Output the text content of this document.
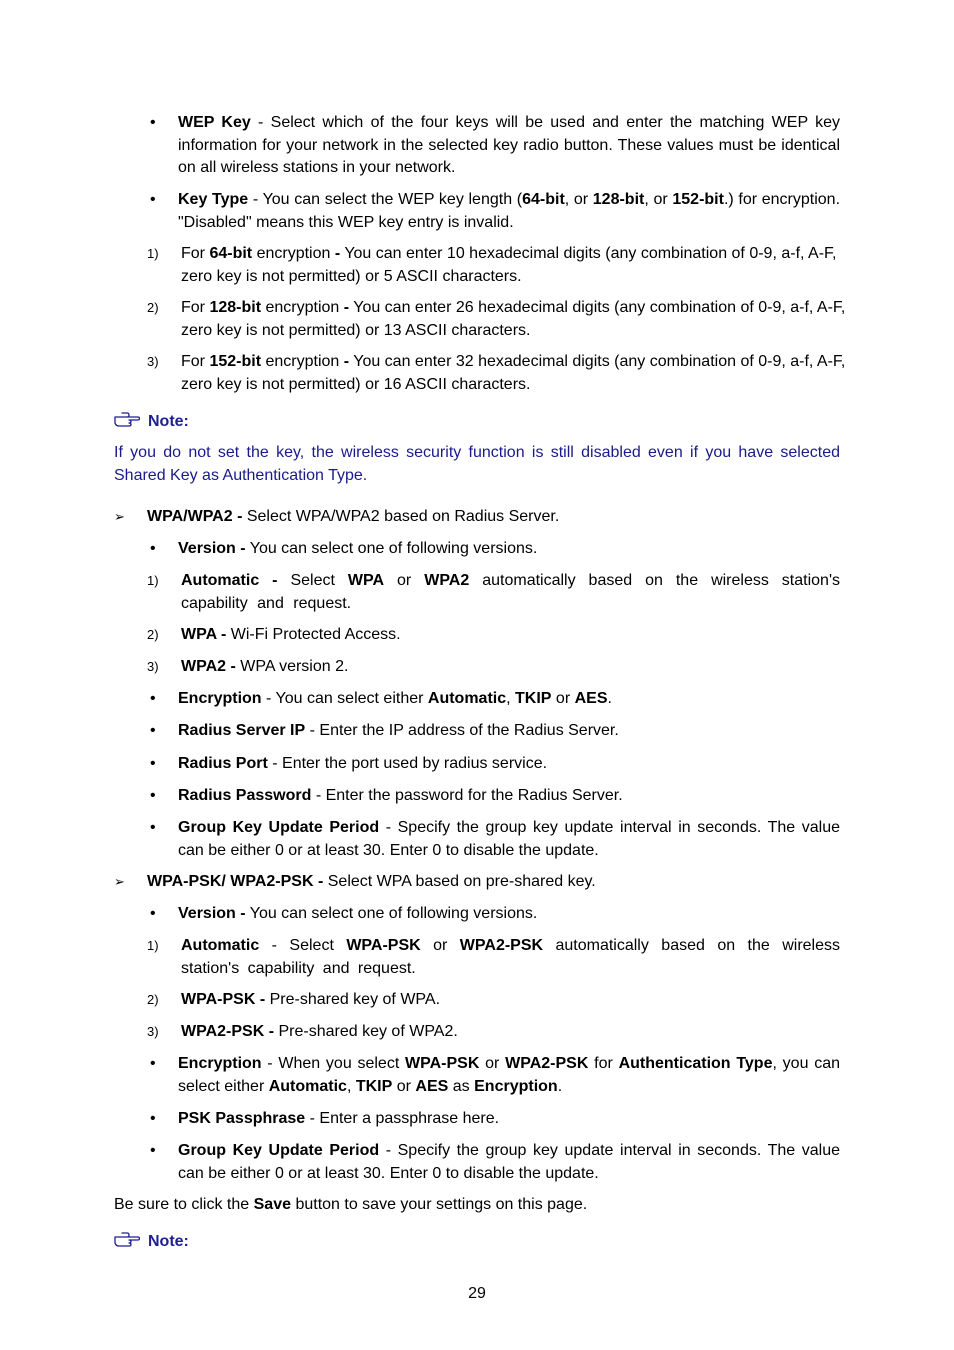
• WEP Key - Select which of the four keys will be used and enter the matching WEP key information for your network in the selected key radio button. These values must be identical on all wireless stations in your network.
• Key Type - You can select the WEP key length (64-bit, or 128-bit, or 152-bit.) for encryption. "Disabled" means this WEP key entry is invalid.
1) For 64-bit encryption - You can enter 10 hexadecimal digits (any combination of 0-9, a-f, A-F, zero key is not permitted) or 5 ASCII characters.
2) For 128-bit encryption - You can enter 26 hexadecimal digits (any combination of 0-9, a-f, A-F, zero key is not permitted) or 13 ASCII characters.
3) For 152-bit encryption - You can enter 32 hexadecimal digits (any combination of 0-9, a-f, A-F, zero key is not permitted) or 16 ASCII characters.
Note:
If you do not set the key, the wireless security function is still disabled even if you have selected Shared Key as Authentication Type.
➢ WPA/WPA2 - Select WPA/WPA2 based on Radius Server.
• Version - You can select one of following versions.
1) Automatic - Select WPA or WPA2 automatically based on the wireless station's capability and request.
2) WPA - Wi-Fi Protected Access.
3) WPA2 - WPA version 2.
• Encryption - You can select either Automatic, TKIP or AES.
• Radius Server IP - Enter the IP address of the Radius Server.
• Radius Port - Enter the port used by radius service.
• Radius Password - Enter the password for the Radius Server.
• Group Key Update Period - Specify the group key update interval in seconds. The value can be either 0 or at least 30. Enter 0 to disable the update.
➢ WPA-PSK/ WPA2-PSK - Select WPA based on pre-shared key.
• Version - You can select one of following versions.
1) Automatic - Select WPA-PSK or WPA2-PSK automatically based on the wireless station's capability and request.
2) WPA-PSK - Pre-shared key of WPA.
3) WPA2-PSK - Pre-shared key of WPA2.
• Encryption - When you select WPA-PSK or WPA2-PSK for Authentication Type, you can select either Automatic, TKIP or AES as Encryption.
• PSK Passphrase - Enter a passphrase here.
• Group Key Update Period - Specify the group key update interval in seconds. The value can be either 0 or at least 30. Enter 0 to disable the update.
Be sure to click the Save button to save your settings on this page.
Note:
29
